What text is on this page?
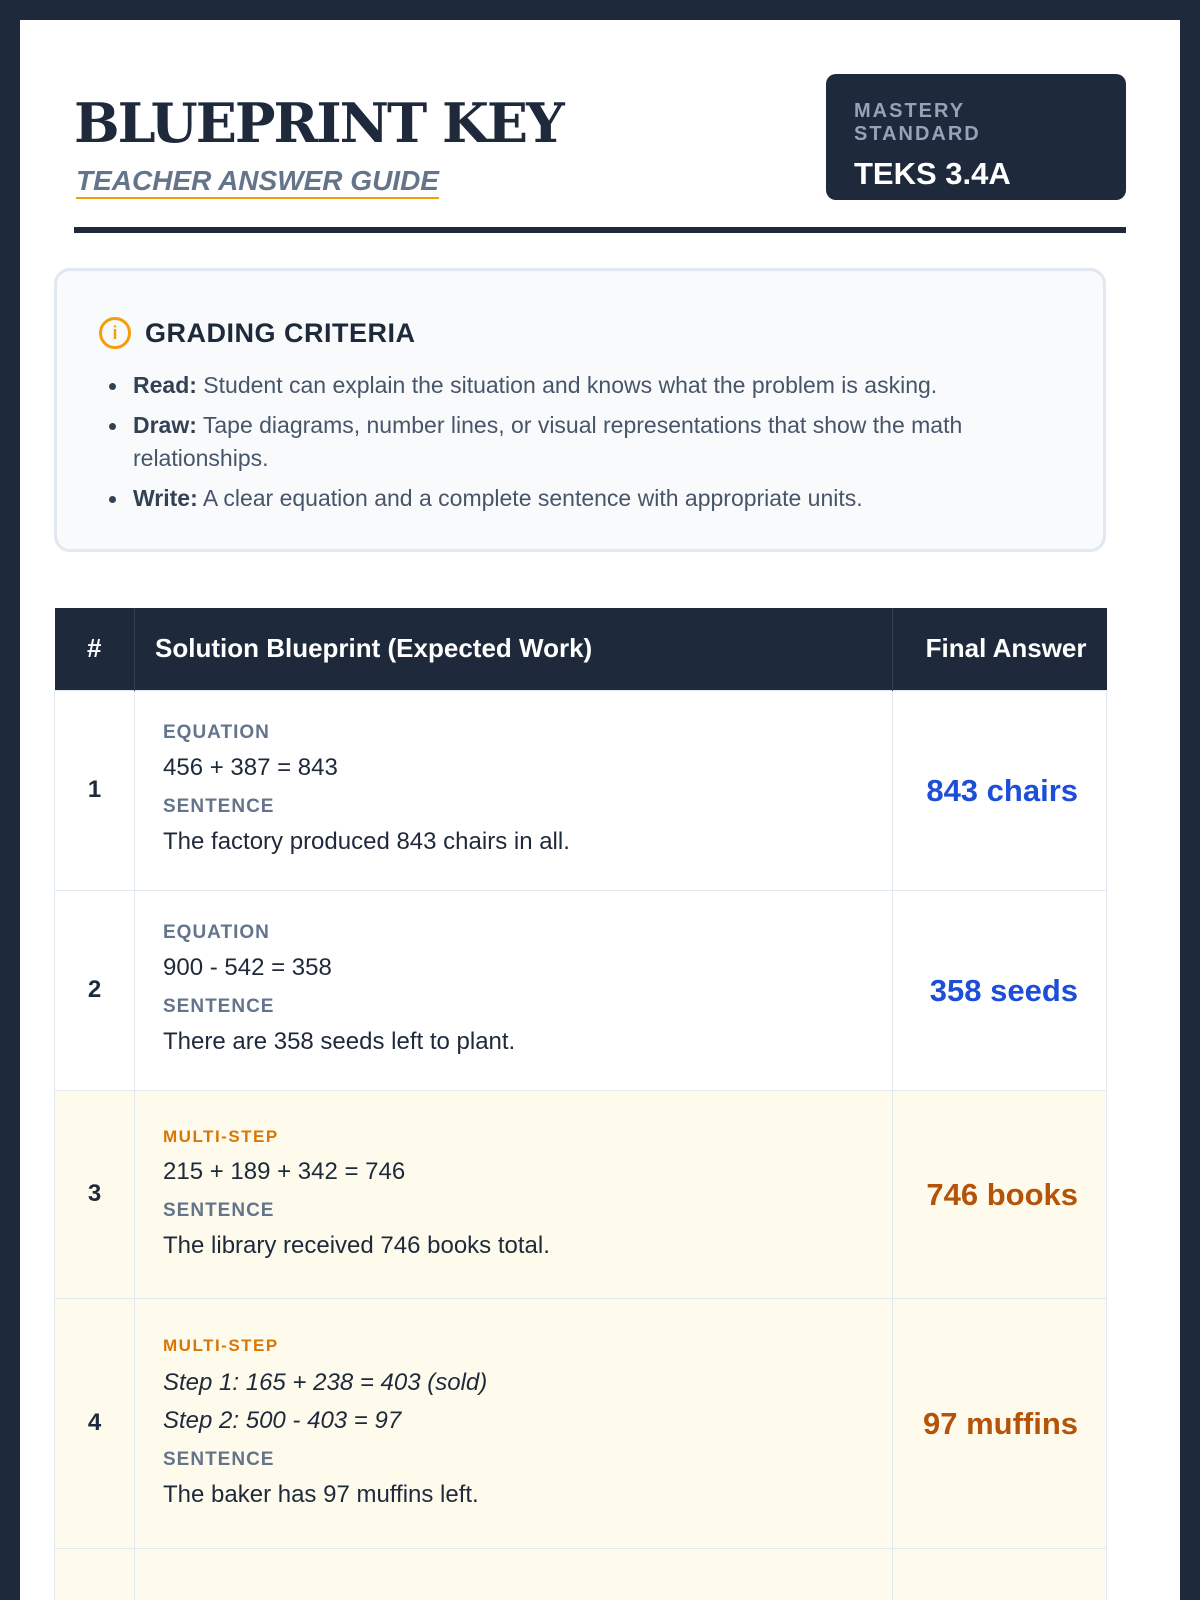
BLUEPRINT KEY
TEACHER ANSWER GUIDE
MASTERY STANDARD
TEKS 3.4A
i	GRADING CRITERIA
Read: Student can explain the situation and knows what the problem is asking.
Draw: Tape diagrams, number lines, or visual representations that show the math relationships.
Write: A clear equation and a complete sentence with appropriate units.
#	Solution Blueprint (Expected Work)	Final Answer
1	EQUATION
456 + 387 = 843
SENTENCE
The factory produced 843 chairs in all.	843 chairs
2	EQUATION
900 - 542 = 358
SENTENCE
There are 358 seeds left to plant.	358 seeds
3	MULTI-STEP
215 + 189 + 342 = 746
SENTENCE
The library received 746 books total.	746 books
4	MULTI-STEP
Step 1: 165 + 238 = 403 (sold)
Step 2: 500 - 403 = 97
SENTENCE
The baker has 97 muffins left.	97 muffins
